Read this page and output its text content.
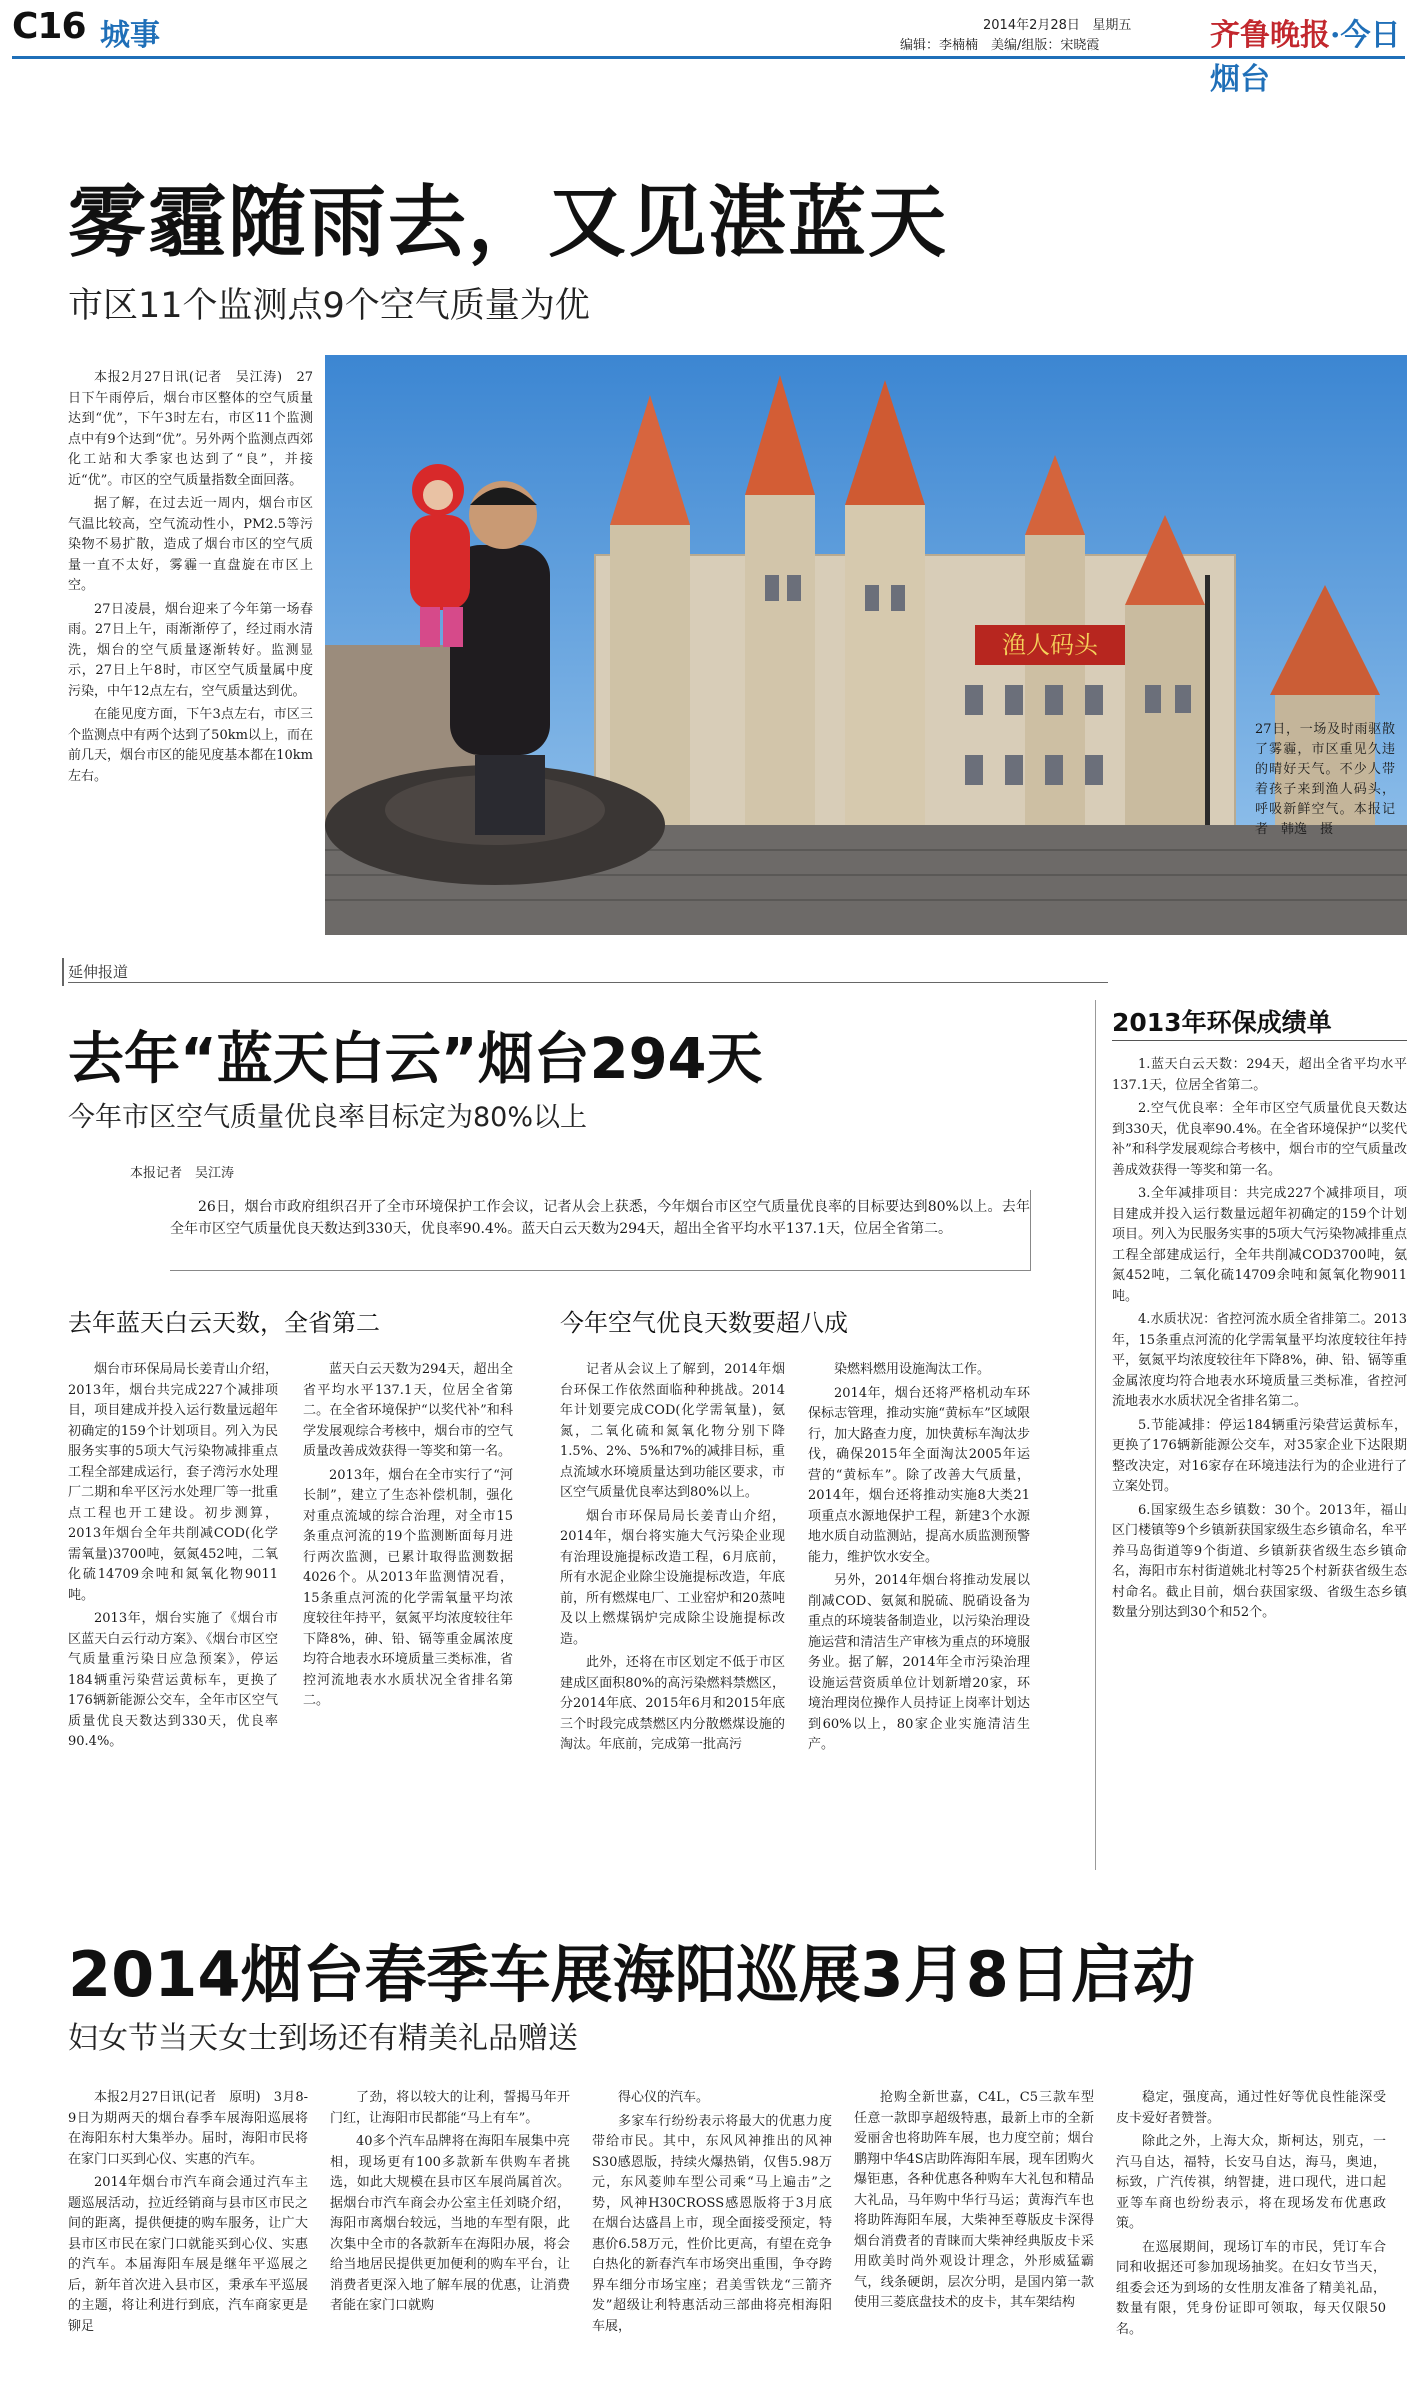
C16 城事	2014年2月28日 星期五
编辑：李楠楠　美编/组版：宋晓霞	齐鲁晚报·今日烟台
雾霾随雨去，又见湛蓝天
市区11个监测点9个空气质量为优

本报2月27日讯(记者　吴江涛)　27日下午雨停后，烟台市区整体的空气质量达到“优”，下午3时左右，市区11个监测点中有9个达到“优”。另外两个监测点西郊化工站和大季家也达到了“良”，并接近“优”。市区的空气质量指数全面回落。

据了解，在过去近一周内，烟台市区气温比较高，空气流动性小，PM2.5等污染物不易扩散，造成了烟台市区的空气质量一直不太好，雾霾一直盘旋在市区上空。

27日凌晨，烟台迎来了今年第一场春雨。27日上午，雨渐渐停了，经过雨水清洗，烟台的空气质量逐渐转好。监测显示，27日上午8时，市区空气质量属中度污染，中午12点左右，空气质量达到优。

在能见度方面，下午3点左右，市区三个监测点中有两个达到了50km以上，而在前几天，烟台市区的能见度基本都在10km左右。

渔人码头
27日，一场及时雨驱散了雾霾，市区重见久违的晴好天气。不少人带着孩子来到渔人码头，呼吸新鲜空气。本报记者　韩逸　摄
延伸报道
去年“蓝天白云”烟台294天
今年市区空气质量优良率目标定为80%以上
本报记者　吴江涛

26日，烟台市政府组织召开了全市环境保护工作会议，记者从会上获悉，今年烟台市区空气质量优良率的目标要达到80%以上。去年全年市区空气质量优良天数达到330天，优良率90.4%。蓝天白云天数为294天，超出全省平均水平137.1天，位居全省第二。

去年蓝天白云天数，全省第二	今年空气优良天数要超八成

烟台市环保局局长姜青山介绍，2013年，烟台共完成227个减排项目，项目建成并投入运行数量远超年初确定的159个计划项目。列入为民服务实事的5项大气污染物减排重点工程全部建成运行，套子湾污水处理厂二期和牟平区污水处理厂等一批重点工程也开工建设。初步测算，2013年烟台全年共削减COD(化学需氧量)3700吨，氨氮452吨，二氧化硫14709余吨和氮氧化物9011吨。

2013年，烟台实施了《烟台市区蓝天白云行动方案》、《烟台市区空气质量重污染日应急预案》，停运184辆重污染营运黄标车，更换了176辆新能源公交车，全年市区空气质量优良天数达到330天，优良率90.4%。

蓝天白云天数为294天，超出全省平均水平137.1天，位居全省第二。在全省环境保护“以奖代补”和科学发展观综合考核中，烟台市的空气质量改善成效获得一等奖和第一名。

2013年，烟台在全市实行了“河长制”，建立了生态补偿机制，强化对重点流域的综合治理，对全市15条重点河流的19个监测断面每月进行两次监测，已累计取得监测数据4026个。从2013年监测情况看，15条重点河流的化学需氧量平均浓度较往年持平，氨氮平均浓度较往年下降8%，砷、铅、镉等重金属浓度均符合地表水环境质量三类标准，省控河流地表水水质状况全省排名第二。

记者从会议上了解到，2014年烟台环保工作依然面临种种挑战。2014年计划要完成COD(化学需氧量)，氨氮，二氧化硫和氮氧化物分别下降1.5%、2%、5%和7%的减排目标，重点流域水环境质量达到功能区要求，市区空气质量优良率达到80%以上。

烟台市环保局局长姜青山介绍，2014年，烟台将实施大气污染企业现有治理设施提标改造工程，6月底前，所有水泥企业除尘设施提标改造，年底前，所有燃煤电厂、工业窑炉和20蒸吨及以上燃煤锅炉完成除尘设施提标改造。

此外，还将在市区划定不低于市区建成区面积80%的高污染燃料禁燃区，分2014年底、2015年6月和2015年底三个时段完成禁燃区内分散燃煤设施的淘汰。年底前，完成第一批高污

染燃料燃用设施淘汰工作。

2014年，烟台还将严格机动车环保标志管理，推动实施“黄标车”区域限行，加大路查力度，加快黄标车淘汰步伐，确保2015年全面淘汰2005年运营的“黄标车”。除了改善大气质量，2014年，烟台还将推动实施8大类21项重点水源地保护工程，新建3个水源地水质自动监测站，提高水质监测预警能力，维护饮水安全。

另外，2014年烟台将推动发展以削减COD、氨氮和脱硫、脱硝设备为重点的环境装备制造业，以污染治理设施运营和清洁生产审核为重点的环境服务业。据了解，2014年全市污染治理设施运营资质单位计划新增20家，环境治理岗位操作人员持证上岗率计划达到60%以上，80家企业实施清洁生产。

2013年环保成绩单

1.蓝天白云天数：294天，超出全省平均水平137.1天，位居全省第二。

2.空气优良率：全年市区空气质量优良天数达到330天，优良率90.4%。在全省环境保护“以奖代补”和科学发展观综合考核中，烟台市的空气质量改善成效获得一等奖和第一名。

3.全年减排项目：共完成227个减排项目，项目建成并投入运行数量远超年初确定的159个计划项目。列入为民服务实事的5项大气污染物减排重点工程全部建成运行，全年共削减COD3700吨，氨氮452吨，二氧化硫14709余吨和氮氧化物9011吨。

4.水质状况：省控河流水质全省排第二。2013年，15条重点河流的化学需氧量平均浓度较往年持平，氨氮平均浓度较往年下降8%，砷、铅、镉等重金属浓度均符合地表水环境质量三类标准，省控河流地表水水质状况全省排名第二。

5.节能减排：停运184辆重污染营运黄标车，更换了176辆新能源公交车，对35家企业下达限期整改决定，对16家存在环境违法行为的企业进行了立案处罚。

6.国家级生态乡镇数：30个。2013年，福山区门楼镇等9个乡镇新获国家级生态乡镇命名，牟平养马岛街道等9个街道、乡镇新获省级生态乡镇命名，海阳市东村街道姚北村等25个村新获省级生态村命名。截止目前，烟台获国家级、省级生态乡镇数量分别达到30个和52个。

2014烟台春季车展海阳巡展3月8日启动
妇女节当天女士到场还有精美礼品赠送

本报2月27日讯(记者　原明)　3月8-9日为期两天的烟台春季车展海阳巡展将在海阳东村大集举办。届时，海阳市民将在家门口买到心仪、实惠的汽车。

2014年烟台市汽车商会通过汽车主题巡展活动，拉近经销商与县市区市民之间的距离，提供便捷的购车服务，让广大县市区市民在家门口就能买到心仪、实惠的汽车。本届海阳车展是继年平巡展之后，新年首次进入县市区，秉承车平巡展的主题，将让利进行到底，汽车商家更是铆足

了劲，将以较大的让利，誓揭马年开门红，让海阳市民都能“马上有车”。

40多个汽车品牌将在海阳车展集中亮相，现场更有100多款新车供购车者挑选，如此大规模在县市区车展尚属首次。据烟台市汽车商会办公室主任刘晓介绍，海阳市离烟台较远，当地的车型有限，此次集中全市的各款新车在海阳办展，将会给当地居民提供更加便利的购车平台，让消费者更深入地了解车展的优惠，让消费者能在家门口就购

得心仪的汽车。

多家车行纷纷表示将最大的优惠力度带给市民。其中，东风风神推出的风神S30感恩版，持续火爆热销，仅售5.98万元，东风菱帅车型公司乘“马上遍击”之势，风神H30CROSS感恩版将于3月底在烟台达盛昌上市，现全面接受预定，特惠价6.58万元，性价比更高，有望在竞争白热化的新春汽车市场突出重围，争夺跨界车细分市场宝座；君美雪铁龙“三箭齐发”超级让利特惠活动三部曲将亮相海阳车展，

抢购全新世嘉，C4L，C5三款车型任意一款即享超级特惠，最新上市的全新爱丽舍也将助阵车展，也力度空前；烟台鹏翔中华4S店助阵海阳车展，现车团购火爆钜惠，各种优惠各种购车大礼包和精品大礼品，马年购中华行马运；黄海汽车也将助阵海阳车展，大柴神至尊版皮卡深得烟台消费者的青睐而大柴神经典版皮卡采用欧美时尚外观设计理念，外形威猛霸气，线条硬朗，层次分明，是国内第一款使用三菱底盘技术的皮卡，其车架结构

稳定，强度高，通过性好等优良性能深受皮卡爱好者赞誉。

除此之外，上海大众，斯柯达，别克，一汽马自达，福特，长安马自达，海马，奥迪，标致，广汽传祺，纳智捷，进口现代，进口起亚等车商也纷纷表示，将在现场发布优惠政策。

在巡展期间，现场订车的市民，凭订车合同和收据还可参加现场抽奖。在妇女节当天，组委会还为到场的女性朋友准备了精美礼品，数量有限，凭身份证即可领取，每天仅限50名。
